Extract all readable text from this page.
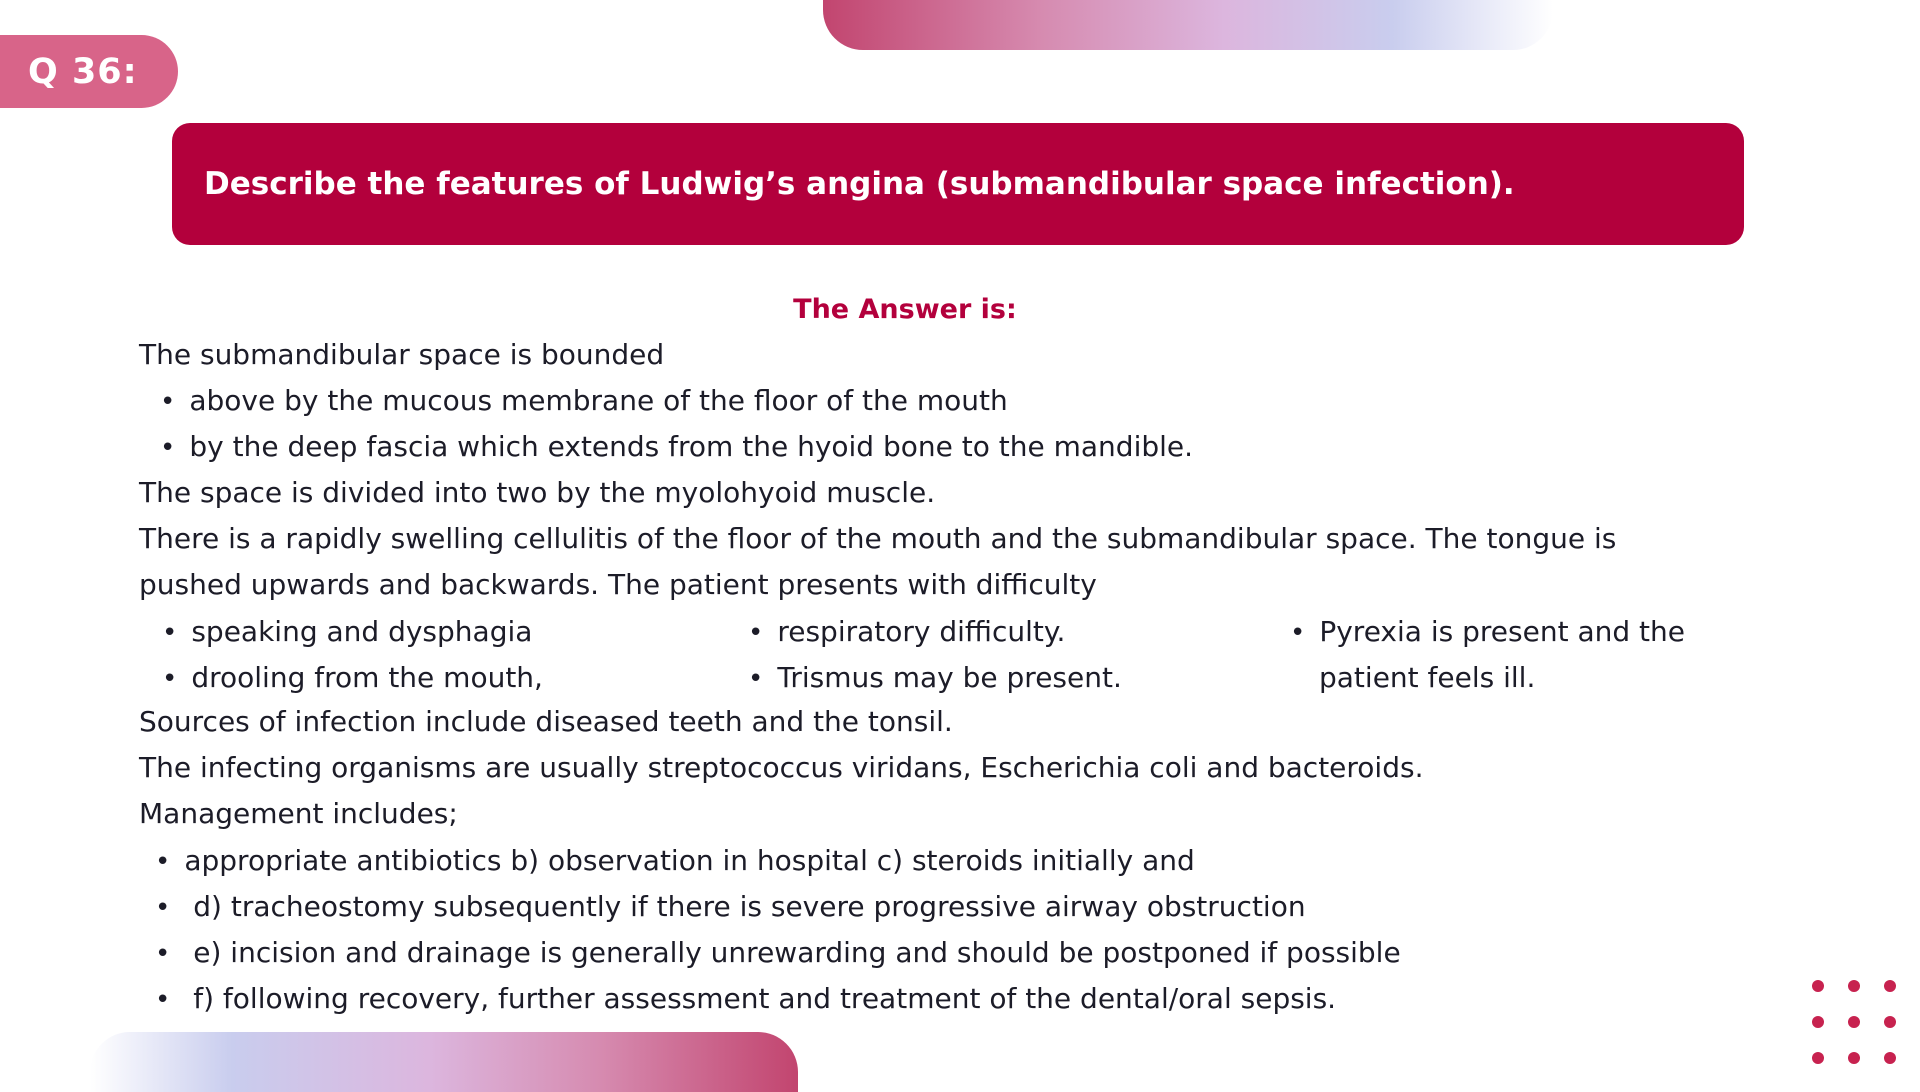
Q 36:
Describe the features of Ludwig’s angina (submandibular space infection).
The Answer is:
The submandibular space is bounded
• above by the mucous membrane of the floor of the mouth
• by the deep fascia which extends from the hyoid bone to the mandible.
The space is divided into two by the myolohyoid muscle.
There is a rapidly swelling cellulitis of the floor of the mouth and the submandibular space. The tongue is
pushed upwards and backwards. The patient presents with difficulty
• speaking and dysphagia
• drooling from the mouth,
• respiratory difficulty.
• Trismus may be present.
• Pyrexia is present and the
patient feels ill.
Sources of infection include diseased teeth and the tonsil.
The infecting organisms are usually streptococcus viridans, Escherichia coli and bacteroids.
Management includes;
• appropriate antibiotics b) observation in hospital c) steroids initially and
• d) tracheostomy subsequently if there is severe progressive airway obstruction
• e) incision and drainage is generally unrewarding and should be postponed if possible
• f) following recovery, further assessment and treatment of the dental/oral sepsis.
